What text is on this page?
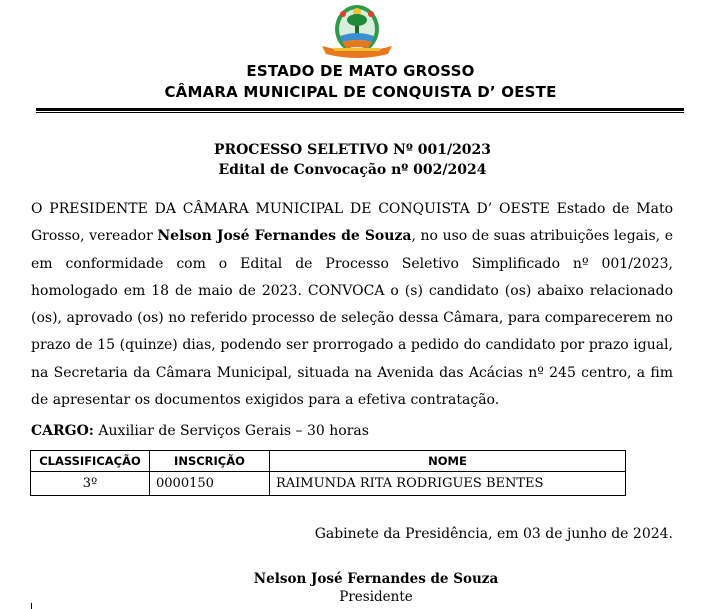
ESTADO DE MATO GROSSO
CÂMARA MUNICIPAL DE CONQUISTA D’ OESTE
PROCESSO SELETIVO Nº 001/2023
Edital de Convocação nº 002/2024
O PRESIDENTE DA CÂMARA MUNICIPAL DE CONQUISTA D’ OESTE Estado de Mato Grosso, vereador Nelson José Fernandes de Souza, no uso de suas atribuições legais, e em conformidade com o Edital de Processo Seletivo Simplificado nº 001/2023, homologado em 18 de maio de 2023. CONVOCA o (s) candidato (os) abaixo relacionado (os), aprovado (os) no referido processo de seleção dessa Câmara, para comparecerem no prazo de 15 (quinze) dias, podendo ser prorrogado a pedido do candidato por prazo igual, na Secretaria da Câmara Municipal, situada na Avenida das Acácias nº 245 centro, a fim de apresentar os documentos exigidos para a efetiva contratação.
CARGO: Auxiliar de Serviços Gerais – 30 horas
CLASSIFICAÇÃO	INSCRIÇÃO	NOME
3º	0000150	RAIMUNDA RITA RODRIGUES BENTES
Gabinete da Presidência, em 03 de junho de 2024.
Nelson José Fernandes de Souza
Presidente
